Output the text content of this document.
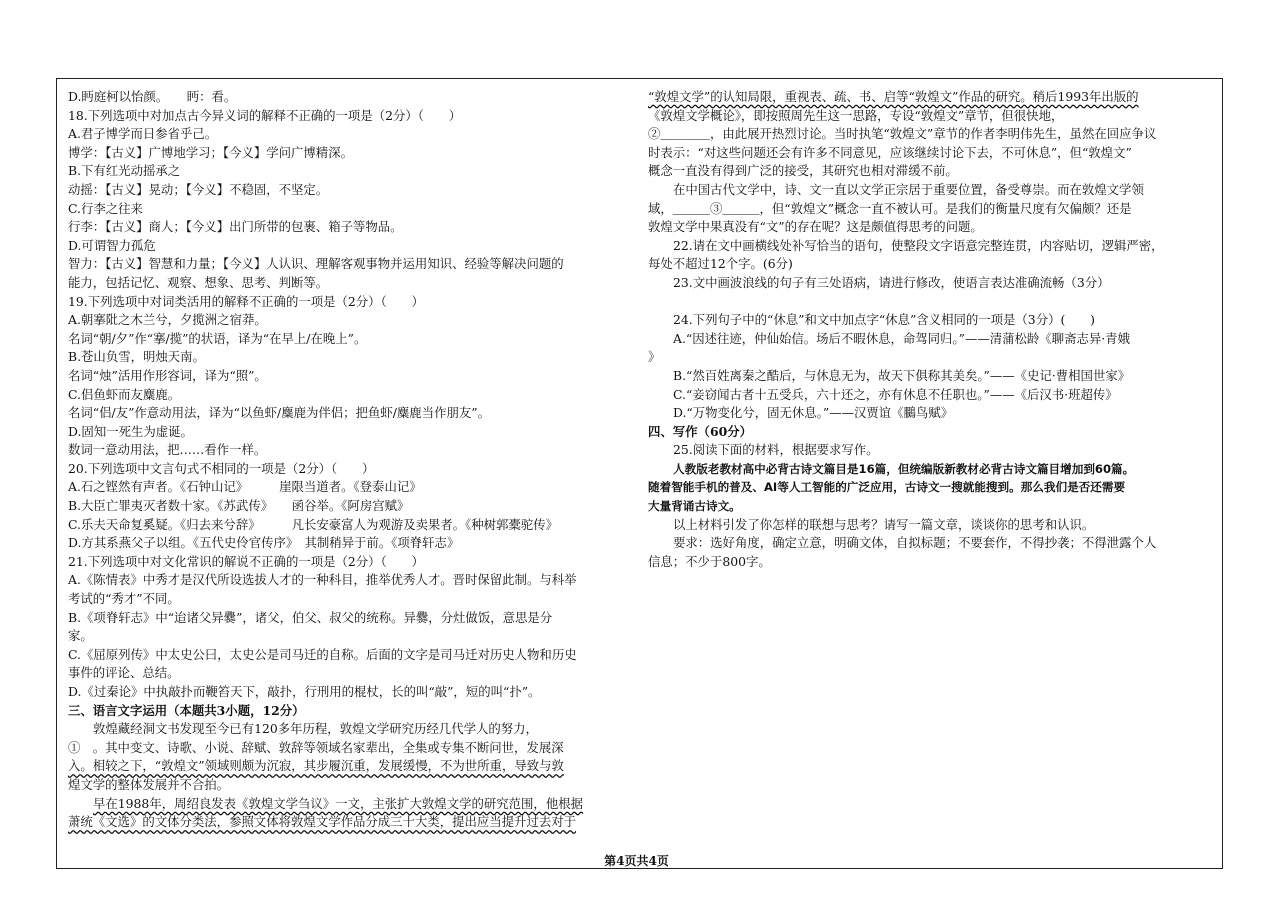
D.眄庭柯以怡颜。　　眄：看。
18.下列选项中对加点古今异义词的解释不正确的一项是（2分）（　　）
A.君子博学而日参省乎己。
博学：【古义】广博地学习；【今义】学问广博精深。
B.下有红光动摇承之
动摇：【古义】晃动；【今义】不稳固，不坚定。
C.行李之往来
行李：【古义】商人；【今义】出门所带的包裹、箱子等物品。
D.可谓智力孤危
智力：【古义】智慧和力量；【今义】人认识、理解客观事物并运用知识、经验等解决问题的
能力，包括记忆、观察、想象、思考、判断等。
19.下列选项中对词类活用的解释不正确的一项是（2分）（　　）
A.朝搴阰之木兰兮，夕揽洲之宿莽。
名词“朝/夕”作“搴/揽”的状语，译为“在早上/在晚上”。
B.苍山负雪，明烛天南。
名词“烛”活用作形容词，译为“照”。
C.侣鱼虾而友麋鹿。
名词“侣/友”作意动用法，译为“以鱼虾/麋鹿为伴侣；把鱼虾/麋鹿当作朋友”。
D.固知一死生为虚诞。
数词一意动用法，把……看作一样。
20.下列选项中文言句式不相同的一项是（2分）（　　）
A.石之铿然有声者。《石钟山记》　　　崖限当道者。《登泰山记》
B.大臣亡罪夷灭者数十家。《苏武传》　　函谷举。《阿房宫赋》
C.乐夫天命复奚疑。《归去来兮辞》　　　凡长安豪富人为观游及卖果者。《种树郭橐驼传》
D.方其系燕父子以组。《五代史伶官传序》　其制稍异于前。《项脊轩志》
21.下列选项中对文化常识的解说不正确的一项是（2分）（　　）
A.《陈情表》中秀才是汉代所设选拔人才的一种科目，推举优秀人才。晋时保留此制。与科举
考试的“秀才”不同。
B.《项脊轩志》中“迨诸父异爨”，诸父，伯父、叔父的统称。异爨，分灶做饭，意思是分
家。
C.《屈原列传》中太史公曰，太史公是司马迁的自称。后面的文字是司马迁对历史人物和历史
事件的评论、总结。
D.《过秦论》中执敲扑而鞭笞天下，敲扑，行刑用的棍杖，长的叫“敲”，短的叫“扑”。
三、语言文字运用（本题共3小题，12分）
敦煌藏经洞文书发现至今已有120多年历程，敦煌文学研究历经几代学人的努力，
①　。其中变文、诗歌、小说、辞赋、敦辞等领域名家辈出，全集或专集不断问世，发展深
入。相较之下，“敦煌文”领域则颇为沉寂，其步履沉重，发展缓慢，不为世所重，导致与敦
煌文学的整体发展并不合拍。
早在1988年，周绍良发表《敦煌文学刍议》一文，主张扩大敦煌文学的研究范围，他根据
萧统《文选》的文体分类法，参照文体将敦煌文学作品分成三十大类，提出应当提升过去对于
“敦煌文学”的认知局限，重视表、疏、书、启等“敦煌文”作品的研究。稍后1993年出版的
《敦煌文学概论》，即按照周先生这一思路，专设“敦煌文”章节，但很快地，
②＿＿＿＿，由此展开热烈讨论。当时执笔“敦煌文”章节的作者李明伟先生，虽然在回应争议
时表示：“对这些问题还会有许多不同意见，应该继续讨论下去，不可休息”，但“敦煌文”
概念一直没有得到广泛的接受，其研究也相对滞缓不前。
在中国古代文学中，诗、文一直以文学正宗居于重要位置，备受尊崇。而在敦煌文学领
域，＿＿＿③＿＿＿，但“敦煌文”概念一直不被认可。是我们的衡量尺度有欠偏颇？还是
敦煌文学中果真没有“文”的存在呢？这是颇值得思考的问题。
22.请在文中画横线处补写恰当的语句，使整段文字语意完整连贯，内容贴切，逻辑严密，
每处不超过12个字。(6分)
23.文中画波浪线的句子有三处语病，请进行修改，使语言表达准确流畅（3分）
24.下列句子中的“休息”和文中加点字“休息”含义相同的一项是（3分）(　　)
A.“因述往迹，仲仙始信。场后不暇休息，命驾同归。”——清蒲松龄《聊斋志异·青娥
》
B.“然百姓离秦之酷后，与休息无为，故天下俱称其美矣。”——《史记·曹相国世家》
C.“妾窃闻古者十五受兵，六十还之，亦有休息不任职也。”——《后汉书·班超传》
D.“万物变化兮，固无休息。”——汉贾谊《鵩鸟赋》
四、写作（60分）
25.阅读下面的材料，根据要求写作。
人教版老教材高中必背古诗文篇目是16篇，但统编版新教材必背古诗文篇目增加到60篇。
随着智能手机的普及、AI等人工智能的广泛应用，古诗文一搜就能搜到。那么我们是否还需要
大量背诵古诗文。
以上材料引发了你怎样的联想与思考？请写一篇文章，谈谈你的思考和认识。
要求：选好角度，确定立意，明确文体，自拟标题；不要套作，不得抄袭；不得泄露个人
信息；不少于800字。
第4页共4页
